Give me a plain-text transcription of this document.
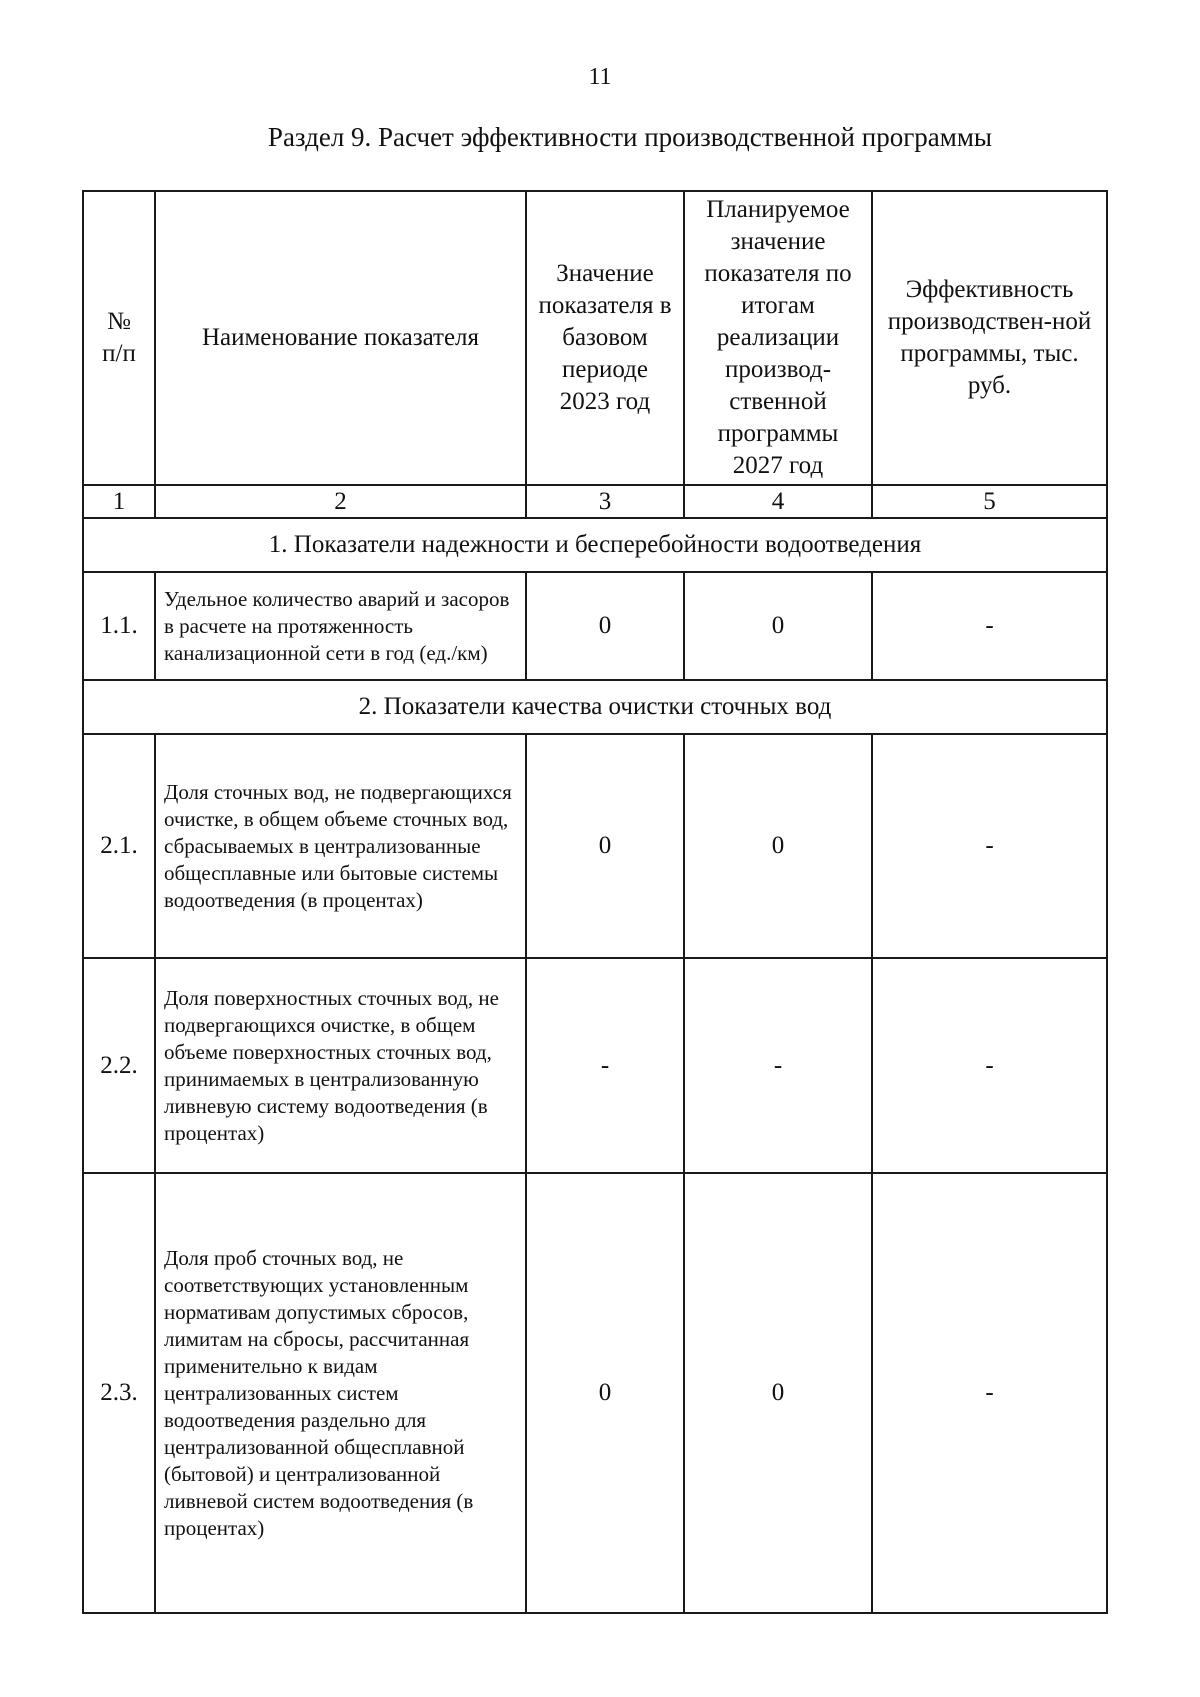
11
Раздел 9. Расчет эффективности производственной программы
№ п/п	Наименование показателя	Значение показателя в базовом периоде 2023 год	Планируемое значение показателя по итогам реализации производ-ственной программы 2027 год	Эффективность производствен-ной программы, тыс. руб.
1	2	3	4	5
1. Показатели надежности и бесперебойности водоотведения				
1.1.	Удельное количество аварий и засоров в расчете на протяженность канализационной сети в год (ед./км)	0	0	-
2. Показатели качества очистки сточных вод				
2.1.	Доля сточных вод, не подвергающихся очистке, в общем объеме сточных вод, сбрасываемых в централизованные общесплавные или бытовые системы водоотведения (в процентах)	0	0	-
2.2.	Доля поверхностных сточных вод, не подвергающихся очистке, в общем объеме поверхностных сточных вод, принимаемых в централизованную ливневую систему водоотведения (в процентах)	-	-	-
2.3.	Доля проб сточных вод, не соответствующих установленным нормативам допустимых сбросов, лимитам на сбросы, рассчитанная применительно к видам централизованных систем водоотведения раздельно для централизованной общесплавной (бытовой) и централизованной ливневой систем водоотведения (в процентах)	0	0	-
